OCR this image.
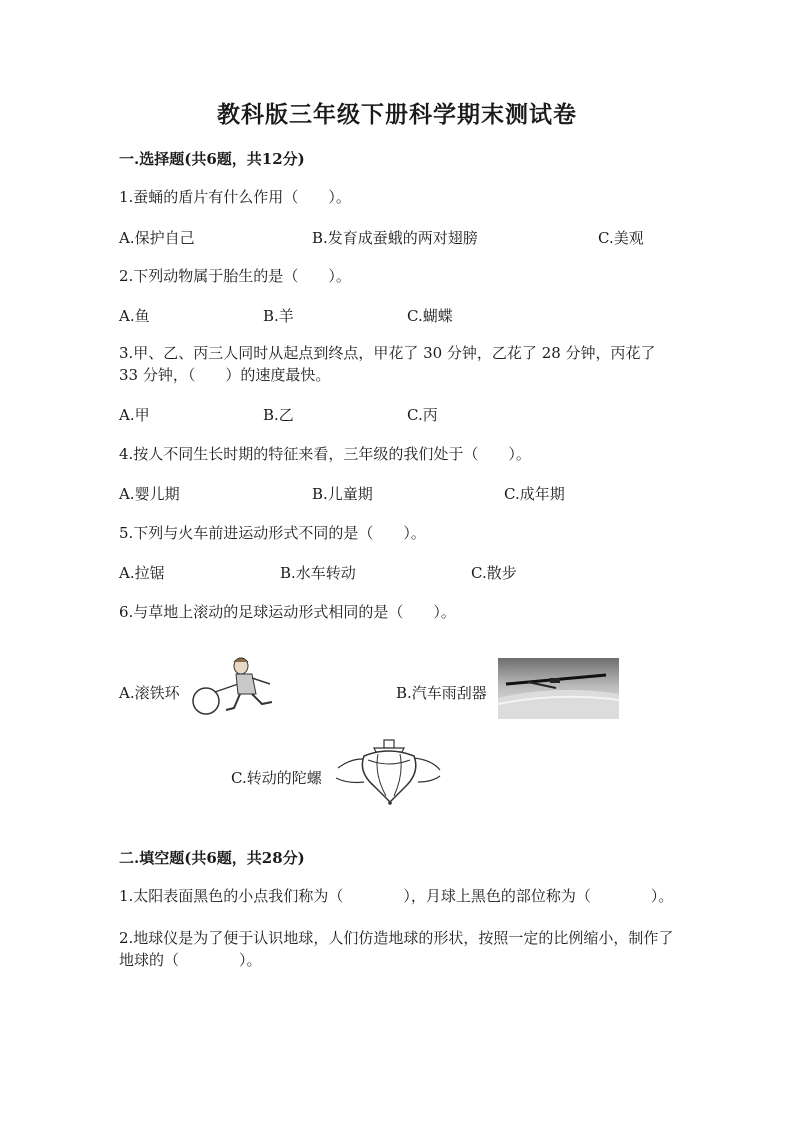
教科版三年级下册科学期末测试卷
一.选择题(共6题，共12分)
1.蚕蛹的盾片有什么作用（　　）。
A.保护自己	B.发育成蚕蛾的两对翅膀	C.美观
2.下列动物属于胎生的是（　　）。
A.鱼	B.羊	C.蝴蝶
3.甲、乙、丙三人同时从起点到终点，甲花了 30 分钟，乙花了 28 分钟，丙花了 33 分钟，（　　）的速度最快。
A.甲	B.乙	C.丙
4.按人不同生长时期的特征来看，三年级的我们处于（　　）。
A.婴儿期	B.儿童期	C.成年期
5.下列与火车前进运动形式不同的是（　　）。
A.拉锯	B.水车转动	C.散步
6.与草地上滚动的足球运动形式相同的是（　　）。
A.滚铁环	B.汽车雨刮器
C.转动的陀螺
二.填空题(共6题，共28分)
1.太阳表面黑色的小点我们称为（　　　　），月球上黑色的部位称为（　　　　）。
2.地球仪是为了便于认识地球，人们仿造地球的形状，按照一定的比例缩小，制作了地球的（　　　　）。
